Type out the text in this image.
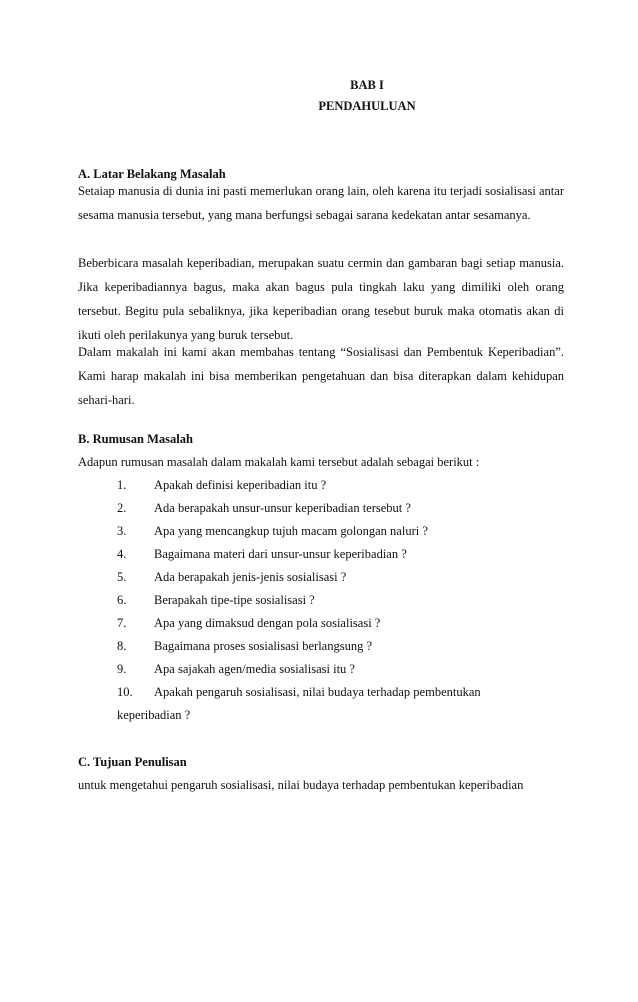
BAB I
PENDAHULUAN
A. Latar Belakang Masalah
Setaiap manusia di dunia ini pasti memerlukan orang lain, oleh karena itu terjadi sosialisasi antar sesama manusia tersebut, yang mana berfungsi sebagai sarana kedekatan antar sesamanya.
Beberbicara masalah keperibadian, merupakan suatu cermin dan gambaran bagi setiap manusia. Jika keperibadiannya bagus, maka akan bagus pula tingkah laku yang dimiliki oleh orang tersebut. Begitu pula sebaliknya, jika keperibadian orang tesebut buruk maka otomatis akan di ikuti oleh perilakunya yang buruk tersebut.
Dalam makalah ini kami akan membahas tentang “Sosialisasi dan Pembentuk Keperibadian”. Kami harap makalah ini bisa memberikan pengetahuan dan bisa diterapkan dalam kehidupan sehari-hari.
B. Rumusan Masalah
Adapun rumusan masalah dalam makalah kami tersebut adalah sebagai berikut :
1. Apakah definisi keperibadian itu ?
2. Ada berapakah unsur-unsur keperibadian tersebut ?
3. Apa yang mencangkup tujuh macam golongan naluri ?
4. Bagaimana materi dari unsur-unsur keperibadian ?
5. Ada berapakah jenis-jenis sosialisasi ?
6. Berapakah tipe-tipe sosialisasi ?
7. Apa yang dimaksud dengan pola sosialisasi ?
8. Bagaimana proses sosialisasi berlangsung ?
9. Apa sajakah agen/media sosialisasi itu ?
10. Apakah pengaruh sosialisasi, nilai budaya terhadap pembentukan
keperibadian ?
C. Tujuan Penulisan
untuk mengetahui pengaruh sosialisasi, nilai budaya terhadap pembentukan keperibadian
